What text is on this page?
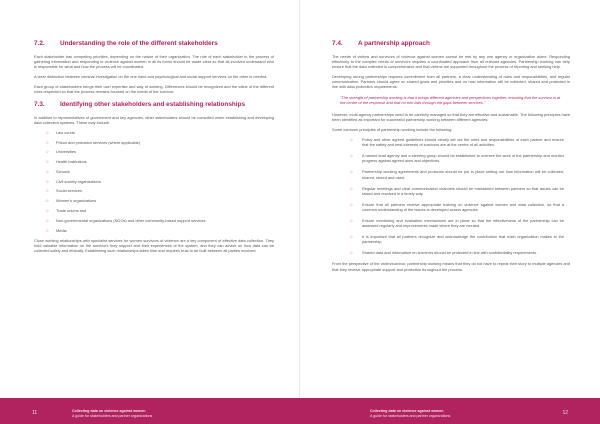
7.2.	Understanding the role of the different stakeholders

Each stakeholder has competing priorities, depending on the nature of their organization. The role of each stakeholder in the process of gathering information and responding to violence against women in all its forms should be made clear so that all involved understand who is responsible for what and how the process will be coordinated.

A clear distinction between criminal investigation on the one hand and psychological and social support services on the other is needed.

Each group of stakeholders brings their own expertise and way of working. Differences should be recognized and the value of the different roles respected so that the process remains focused on the needs of the survivor.

7.3.	Identifying other stakeholders and establishing relationships

In addition to representatives of government and key agencies, other stakeholders should be consulted when establishing and developing data collection systems. These may include:

○ Law courts
○ Prison and probation services (where applicable)
○ Universities
○ Health institutions
○ Schools
○ Civil society organizations
○ Social services
○ Women's organizations
○ Trade unions and
○ Non-governmental organizations (NGOs) and other community-based support services
○ Media

Close working relationships with specialist services for women survivors of violence are a key component of effective data collection. They hold valuable information on the survivors they support and their experiences of the system, and they can advise on how data can be collected safely and ethically. Establishing such relationships takes time and requires trust to be built between all parties involved.

7.4.	A partnership approach

The needs of victims and survivors of violence against women cannot be met by any one agency or organization alone. Responding effectively to the complex needs of survivors requires a coordinated approach from all relevant agencies. Partnership working can help ensure that the data collected is comprehensive and that victims are supported throughout the process of reporting and seeking help.

Developing strong partnerships requires commitment from all partners, a clear understanding of roles and responsibilities, and regular communication. Partners should agree on shared goals and priorities and on how information will be collected, shared and protected in line with data protection requirements.

"The strength of partnership working is that it brings different agencies and perspectives together, ensuring that the survivor is at the centre of the response and that no one falls through the gaps between services."

However, multi-agency partnerships need to be carefully managed so that they are effective and sustainable. The following principles have been identified as important for successful partnership working between different agencies:

Some common principles of partnership working include the following:

○ Policy and other agreed guidelines should clearly set out the roles and responsibilities of each partner and ensure that the safety and best interests of survivors are at the centre of all activities.
○ A named lead agency and a steering group should be established to oversee the work of the partnership and monitor progress against agreed aims and objectives.
○ Partnership working agreements and protocols should be put in place setting out how information will be collected, shared, stored and used.
○ Regular meetings and clear communication channels should be maintained between partners so that issues can be raised and resolved in a timely way.
○ Ensure that all partners receive appropriate training on violence against women and data collection, so that a common understanding of the issues is developed across agencies.
○ Ensure monitoring and evaluation mechanisms are in place so that the effectiveness of the partnership can be assessed regularly and improvements made where they are needed.
○ It is important that all partners recognize and acknowledge the contribution that each organization makes to the partnership.
○ Shared data and information on survivors should be protected in line with confidentiality requirements.

From the perspective of the victim/survivor, partnership working means that they do not have to repeat their story to multiple agencies and that they receive appropriate support and protection throughout the process.

11	Collecting data on violence against women
A guide for stakeholders and partner organizations
Collecting data on violence against women
A guide for stakeholders and partner organizations	12
